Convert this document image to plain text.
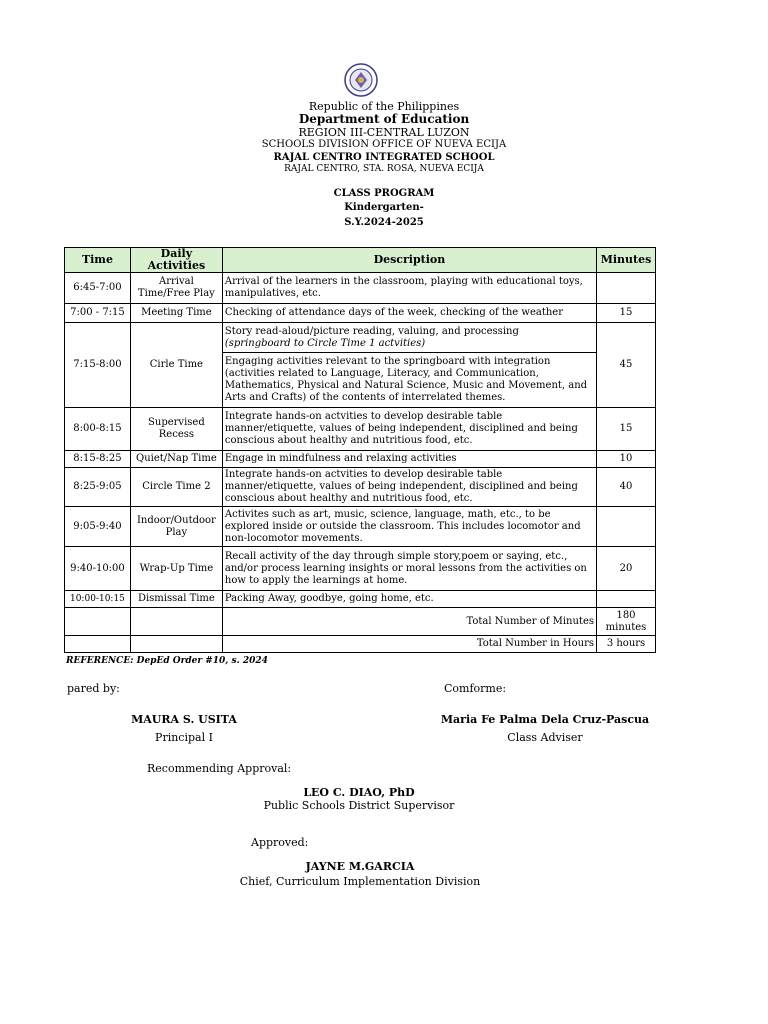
Republic of the Philippines
Department of Education
REGION III-CENTRAL LUZON
SCHOOLS DIVISION OFFICE OF NUEVA ECIJA
RAJAL CENTRO INTEGRATED SCHOOL
RAJAL CENTRO, STA. ROSA, NUEVA ECIJA
CLASS PROGRAM
Kindergarten-
S.Y.2024-2025
Time	Daily Activities	Description	Minutes
6:45-7:00	Arrival Time/Free Play	Arrival of the learners in the classroom, playing with educational toys, manipulatives, etc.	
7:00 - 7:15	Meeting Time	Checking of attendance days of the week, checking of the weather	15
7:15-8:00	Cirle Time	Story read-aloud/picture reading, valuing, and processing
(springboard to Circle Time 1 actvities)	45
		Engaging activities relevant to the springboard with integration (activities related to Language, Literacy, and Communication, Mathematics, Physical and Natural Science, Music and Movement, and Arts and Crafts) of the contents of interrelated themes.	
8:00-8:15	Supervised Recess	Integrate hands-on actvities to develop desirable table manner/etiquette, values of being independent, disciplined and being conscious about healthy and nutritious food, etc.	15
8:15-8:25	Quiet/Nap Time	Engage in mindfulness and relaxing activities	10
8:25-9:05	Circle Time 2	Integrate hands-on actvities to develop desirable table manner/etiquette, values of being independent, disciplined and being conscious about healthy and nutritious food, etc.	40
9:05-9:40	Indoor/Outdoor Play	Activites such as art, music, science, language, math, etc., to be explored inside or outside the classroom. This includes locomotor and non-locomotor movements.	
9:40-10:00	Wrap-Up Time	Recall activity of the day through simple story,poem or saying, etc., and/or process learning insights or moral lessons from the activities on how to apply the learnings at home.	20
10:00-10:15	Dismissal Time	Packing Away, goodbye, going home, etc.	
		Total Number of Minutes	180 minutes
		Total Number in Hours	3 hours
REFERENCE: DepEd Order #10, s. 2024
pared by:	Comforme:
MAURA S. USITA
Principal I
Maria Fe Palma Dela Cruz-Pascua
Class Adviser
Recommending Approval:
LEO C. DIAO, PhD
Public Schools District Supervisor
Approved:
JAYNE M.GARCIA
Chief, Curriculum Implementation Division
